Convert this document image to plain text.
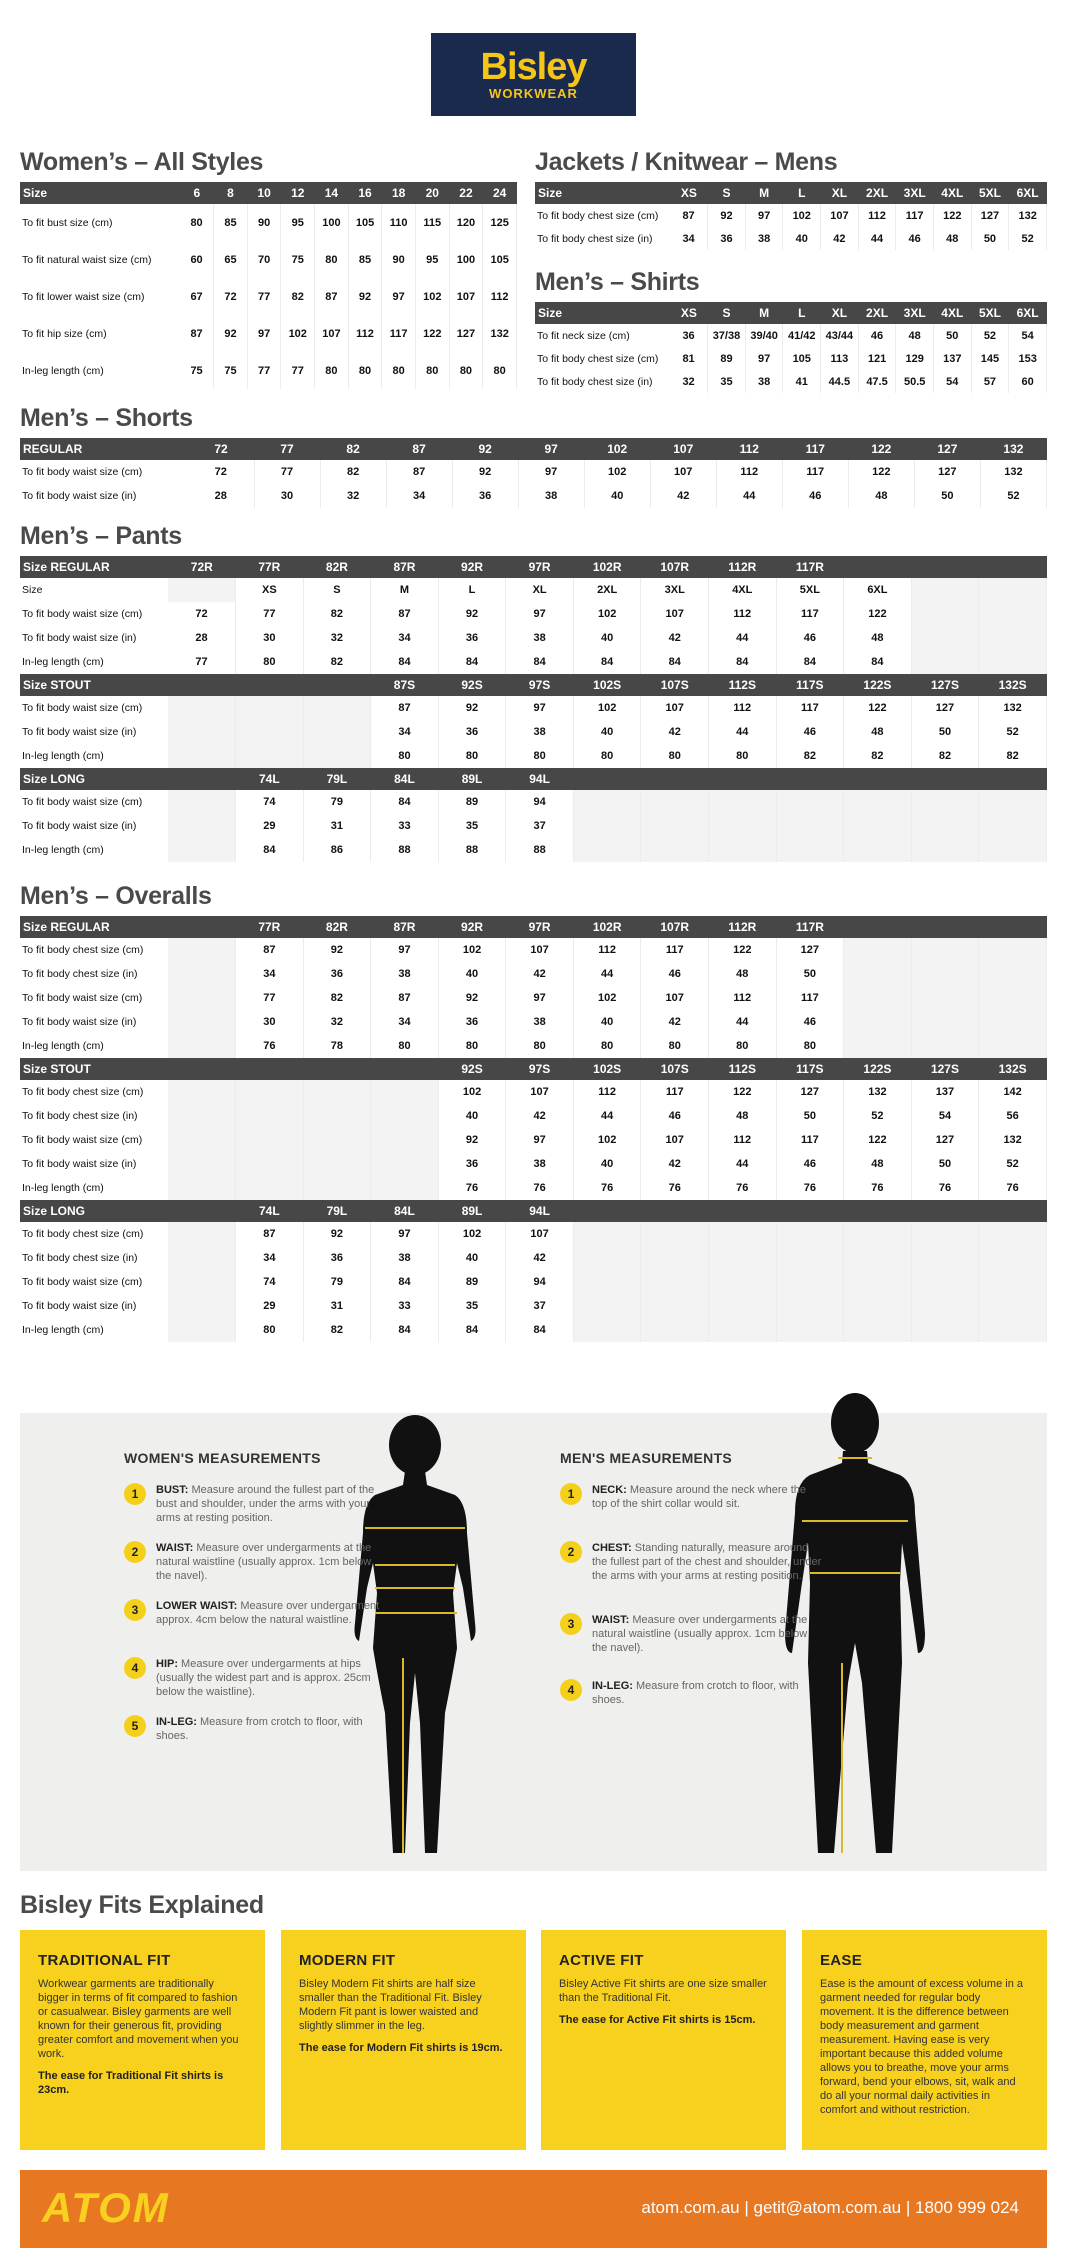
Bisley
WORKWEAR
Women’s – All Styles
Size	6	8	10	12	14	16	18	20	22	24
To fit bust size (cm)	80	85	90	95	100	105	110	115	120	125
To fit natural waist size (cm)	60	65	70	75	80	85	90	95	100	105
To fit lower waist size (cm)	67	72	77	82	87	92	97	102	107	112
To fit hip size (cm)	87	92	97	102	107	112	117	122	127	132
In-leg length (cm)	75	75	77	77	80	80	80	80	80	80
Jackets / Knitwear – Mens
Size	XS	S	M	L	XL	2XL	3XL	4XL	5XL	6XL
To fit body chest size (cm)	87	92	97	102	107	112	117	122	127	132
To fit body chest size (in)	34	36	38	40	42	44	46	48	50	52
Men’s – Shirts
Size	XS	S	M	L	XL	2XL	3XL	4XL	5XL	6XL
To fit neck size (cm)	36	37/38	39/40	41/42	43/44	46	48	50	52	54
To fit body chest size (cm)	81	89	97	105	113	121	129	137	145	153
To fit body chest size (in)	32	35	38	41	44.5	47.5	50.5	54	57	60
Men’s – Shorts
REGULAR	72	77	82	87	92	97	102	107	112	117	122	127	132
To fit body waist size (cm)	72	77	82	87	92	97	102	107	112	117	122	127	132
To fit body waist size (in)	28	30	32	34	36	38	40	42	44	46	48	50	52
Men’s – Pants
Size REGULAR	72R	77R	82R	87R	92R	97R	102R	107R	112R	117R			
Size		XS	S	M	L	XL	2XL	3XL	4XL	5XL	6XL		
To fit body waist size (cm)	72	77	82	87	92	97	102	107	112	117	122		
To fit body waist size (in)	28	30	32	34	36	38	40	42	44	46	48		
In-leg length (cm)	77	80	82	84	84	84	84	84	84	84	84		
Size STOUT				87S	92S	97S	102S	107S	112S	117S	122S	127S	132S
To fit body waist size (cm)				87	92	97	102	107	112	117	122	127	132
To fit body waist size (in)				34	36	38	40	42	44	46	48	50	52
In-leg length (cm)				80	80	80	80	80	80	82	82	82	82
Size LONG		74L	79L	84L	89L	94L							
To fit body waist size (cm)		74	79	84	89	94							
To fit body waist size (in)		29	31	33	35	37							
In-leg length (cm)		84	86	88	88	88							
Men’s – Overalls
Size REGULAR		77R	82R	87R	92R	97R	102R	107R	112R	117R			
To fit body chest size (cm)		87	92	97	102	107	112	117	122	127			
To fit body chest size (in)		34	36	38	40	42	44	46	48	50			
To fit body waist size (cm)		77	82	87	92	97	102	107	112	117			
To fit body waist size (in)		30	32	34	36	38	40	42	44	46			
In-leg length (cm)		76	78	80	80	80	80	80	80	80			
Size STOUT					92S	97S	102S	107S	112S	117S	122S	127S	132S
To fit body chest size (cm)					102	107	112	117	122	127	132	137	142
To fit body chest size (in)					40	42	44	46	48	50	52	54	56
To fit body waist size (cm)					92	97	102	107	112	117	122	127	132
To fit body waist size (in)					36	38	40	42	44	46	48	50	52
In-leg length (cm)					76	76	76	76	76	76	76	76	76
Size LONG		74L	79L	84L	89L	94L							
To fit body chest size (cm)		87	92	97	102	107							
To fit body chest size (in)		34	36	38	40	42							
To fit body waist size (cm)		74	79	84	89	94							
To fit body waist size (in)		29	31	33	35	37							
In-leg length (cm)		80	82	84	84	84							
WOMEN'S MEASUREMENTS
1	BUST: Measure around the fullest part of the bust and shoulder, under the arms with your arms at resting position.
2	WAIST: Measure over undergarments at the natural waistline (usually approx. 1cm below the navel).
3	LOWER WAIST: Measure over undergarment approx. 4cm below the natural waistline.
4	HIP: Measure over undergarments at hips (usually the widest part and is approx. 25cm below the waistline).
5	IN-LEG: Measure from crotch to floor, with shoes.
MEN'S MEASUREMENTS
1	NECK: Measure around the neck where the top of the shirt collar would sit.
2	CHEST: Standing naturally, measure around the fullest part of the chest and shoulder, under the arms with your arms at resting position.
3	WAIST: Measure over undergarments at the natural waistline (usually approx. 1cm below the navel).
4	IN-LEG: Measure from crotch to floor, with shoes.
Bisley Fits Explained
TRADITIONAL FIT

Workwear garments are traditionally bigger in terms of fit compared to fashion or casualwear. Bisley garments are well known for their generous fit, providing greater comfort and movement when you work.

The ease for Traditional Fit shirts is 23cm.

MODERN FIT

Bisley Modern Fit shirts are half size smaller than the Traditional Fit. Bisley Modern Fit pant is lower waisted and slightly slimmer in the leg.

The ease for Modern Fit shirts is 19cm.

ACTIVE FIT

Bisley Active Fit shirts are one size smaller than the Traditional Fit.

The ease for Active Fit shirts is 15cm.

EASE

Ease is the amount of excess volume in a garment needed for regular body movement. It is the difference between body measurement and garment measurement. Having ease is very important because this added volume allows you to breathe, move your arms forward, bend your elbows, sit, walk and do all your normal daily activities in comfort and without restriction.

ATOM	atom.com.au | getit@atom.com.au | 1800 999 024
